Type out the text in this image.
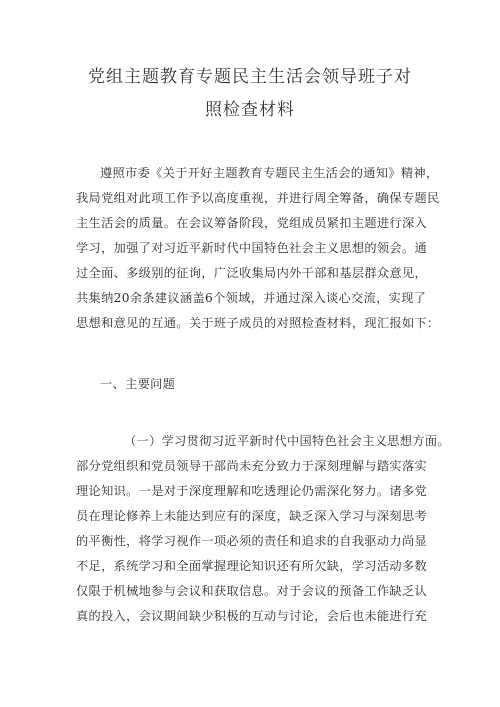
党组主题教育专题民主生活会领导班子对
照检查材料
遵照市委《关于开好主题教育专题民主生活会的通知》精神，
我局党组对此项工作予以高度重视，并进行周全筹备，确保专题民
主生活会的质量。在会议筹备阶段，党组成员紧扣主题进行深入
学习，加强了对习近平新时代中国特色社会主义思想的领会。通
过全面、多级别的征询，广泛收集局内外干部和基层群众意见，
共集纳20余条建议涵盖6个领域，并通过深入谈心交流，实现了
思想和意见的互通。关于班子成员的对照检查材料，现汇报如下：
一、主要问题
（一）学习贯彻习近平新时代中国特色社会主义思想方面。
部分党组织和党员领导干部尚未充分致力于深刻理解与踏实落实
理论知识。一是对于深度理解和吃透理论仍需深化努力。诸多党
员在理论修养上未能达到应有的深度，缺乏深入学习与深刻思考
的平衡性，将学习视作一项必须的责任和追求的自我驱动力尚显
不足，系统学习和全面掌握理论知识还有所欠缺，学习活动多数
仅限于机械地参与会议和获取信息。对于会议的预备工作缺乏认
真的投入，会议期间缺少积极的互动与讨论，会后也未能进行充
